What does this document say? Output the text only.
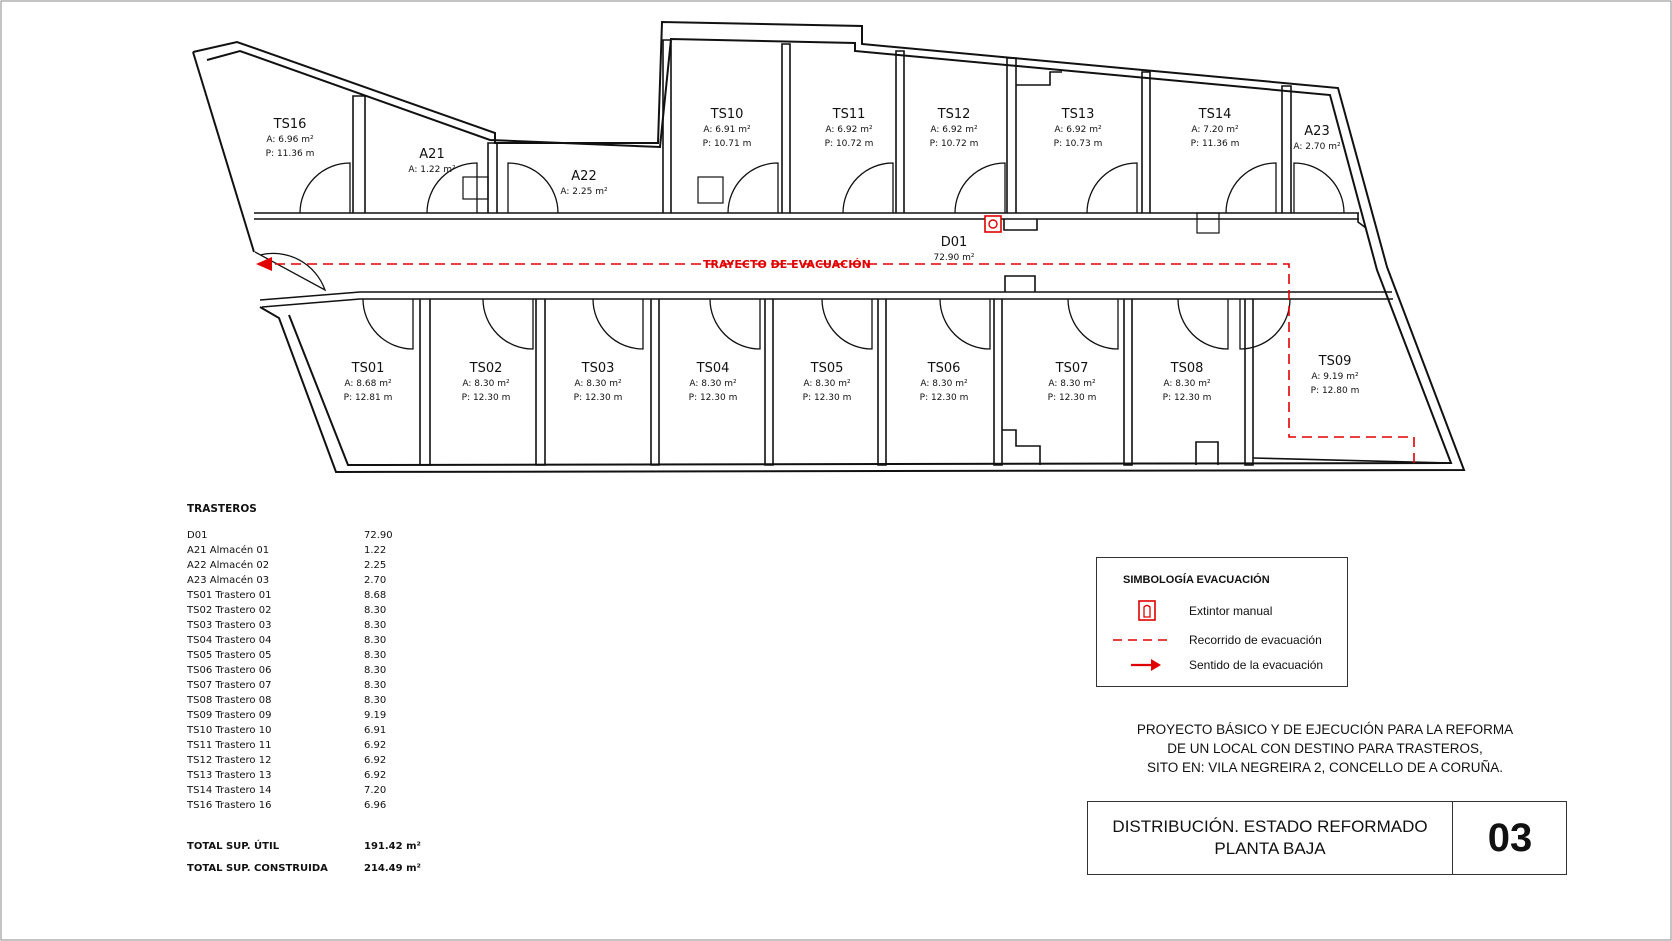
TRAYECTO DE EVACUACIÓN
TS16
A: 6.96 m²
P: 11.36 m	A21
A: 1.22 m²	A22
A: 2.25 m²
TS10
A: 6.91 m²
P: 10.71 m
TS11
A: 6.92 m²
P: 10.72 m
TS12
A: 6.92 m²
P: 10.72 m
TS13
A: 6.92 m²
P: 10.73 m
TS14
A: 7.20 m²
P: 11.36 m
A23
A: 2.70 m²
D01
72.90 m²
TS01
A: 8.68 m²
P: 12.81 m
TS02
A: 8.30 m²
P: 12.30 m
TS03
A: 8.30 m²
P: 12.30 m
TS04
A: 8.30 m²
P: 12.30 m
TS05
A: 8.30 m²
P: 12.30 m
TS06
A: 8.30 m²
P: 12.30 m
TS07
A: 8.30 m²
P: 12.30 m
TS08
A: 8.30 m²
P: 12.30 m
TS09
A: 9.19 m²
P: 12.80 m
TRASTEROS
D01	72.90
A21 Almacén 01	1.22
A22 Almacén 02	2.25
A23 Almacén 03	2.70
TS01 Trastero 01	8.68
TS02 Trastero 02	8.30
TS03 Trastero 03	8.30
TS04 Trastero 04	8.30
TS05 Trastero 05	8.30
TS06 Trastero 06	8.30
TS07 Trastero 07	8.30
TS08 Trastero 08	8.30
TS09 Trastero 09	9.19
TS10 Trastero 10	6.91
TS11 Trastero 11	6.92
TS12 Trastero 12	6.92
TS13 Trastero 13	6.92
TS14 Trastero 14	7.20
TS16 Trastero 16	6.96
TOTAL SUP. ÚTIL	191.42 m²
TOTAL SUP. CONSTRUIDA	214.49 m²
SIMBOLOGÍA EVACUACIÓN
Extintor manual
Recorrido de evacuación
Sentido de la evacuación
PROYECTO BÁSICO Y DE EJECUCIÓN PARA LA REFORMA
DE UN LOCAL CON DESTINO PARA TRASTEROS,
SITO EN: VILA NEGREIRA 2, CONCELLO DE A CORUÑA.
DISTRIBUCIÓN. ESTADO REFORMADO
PLANTA BAJA	03
